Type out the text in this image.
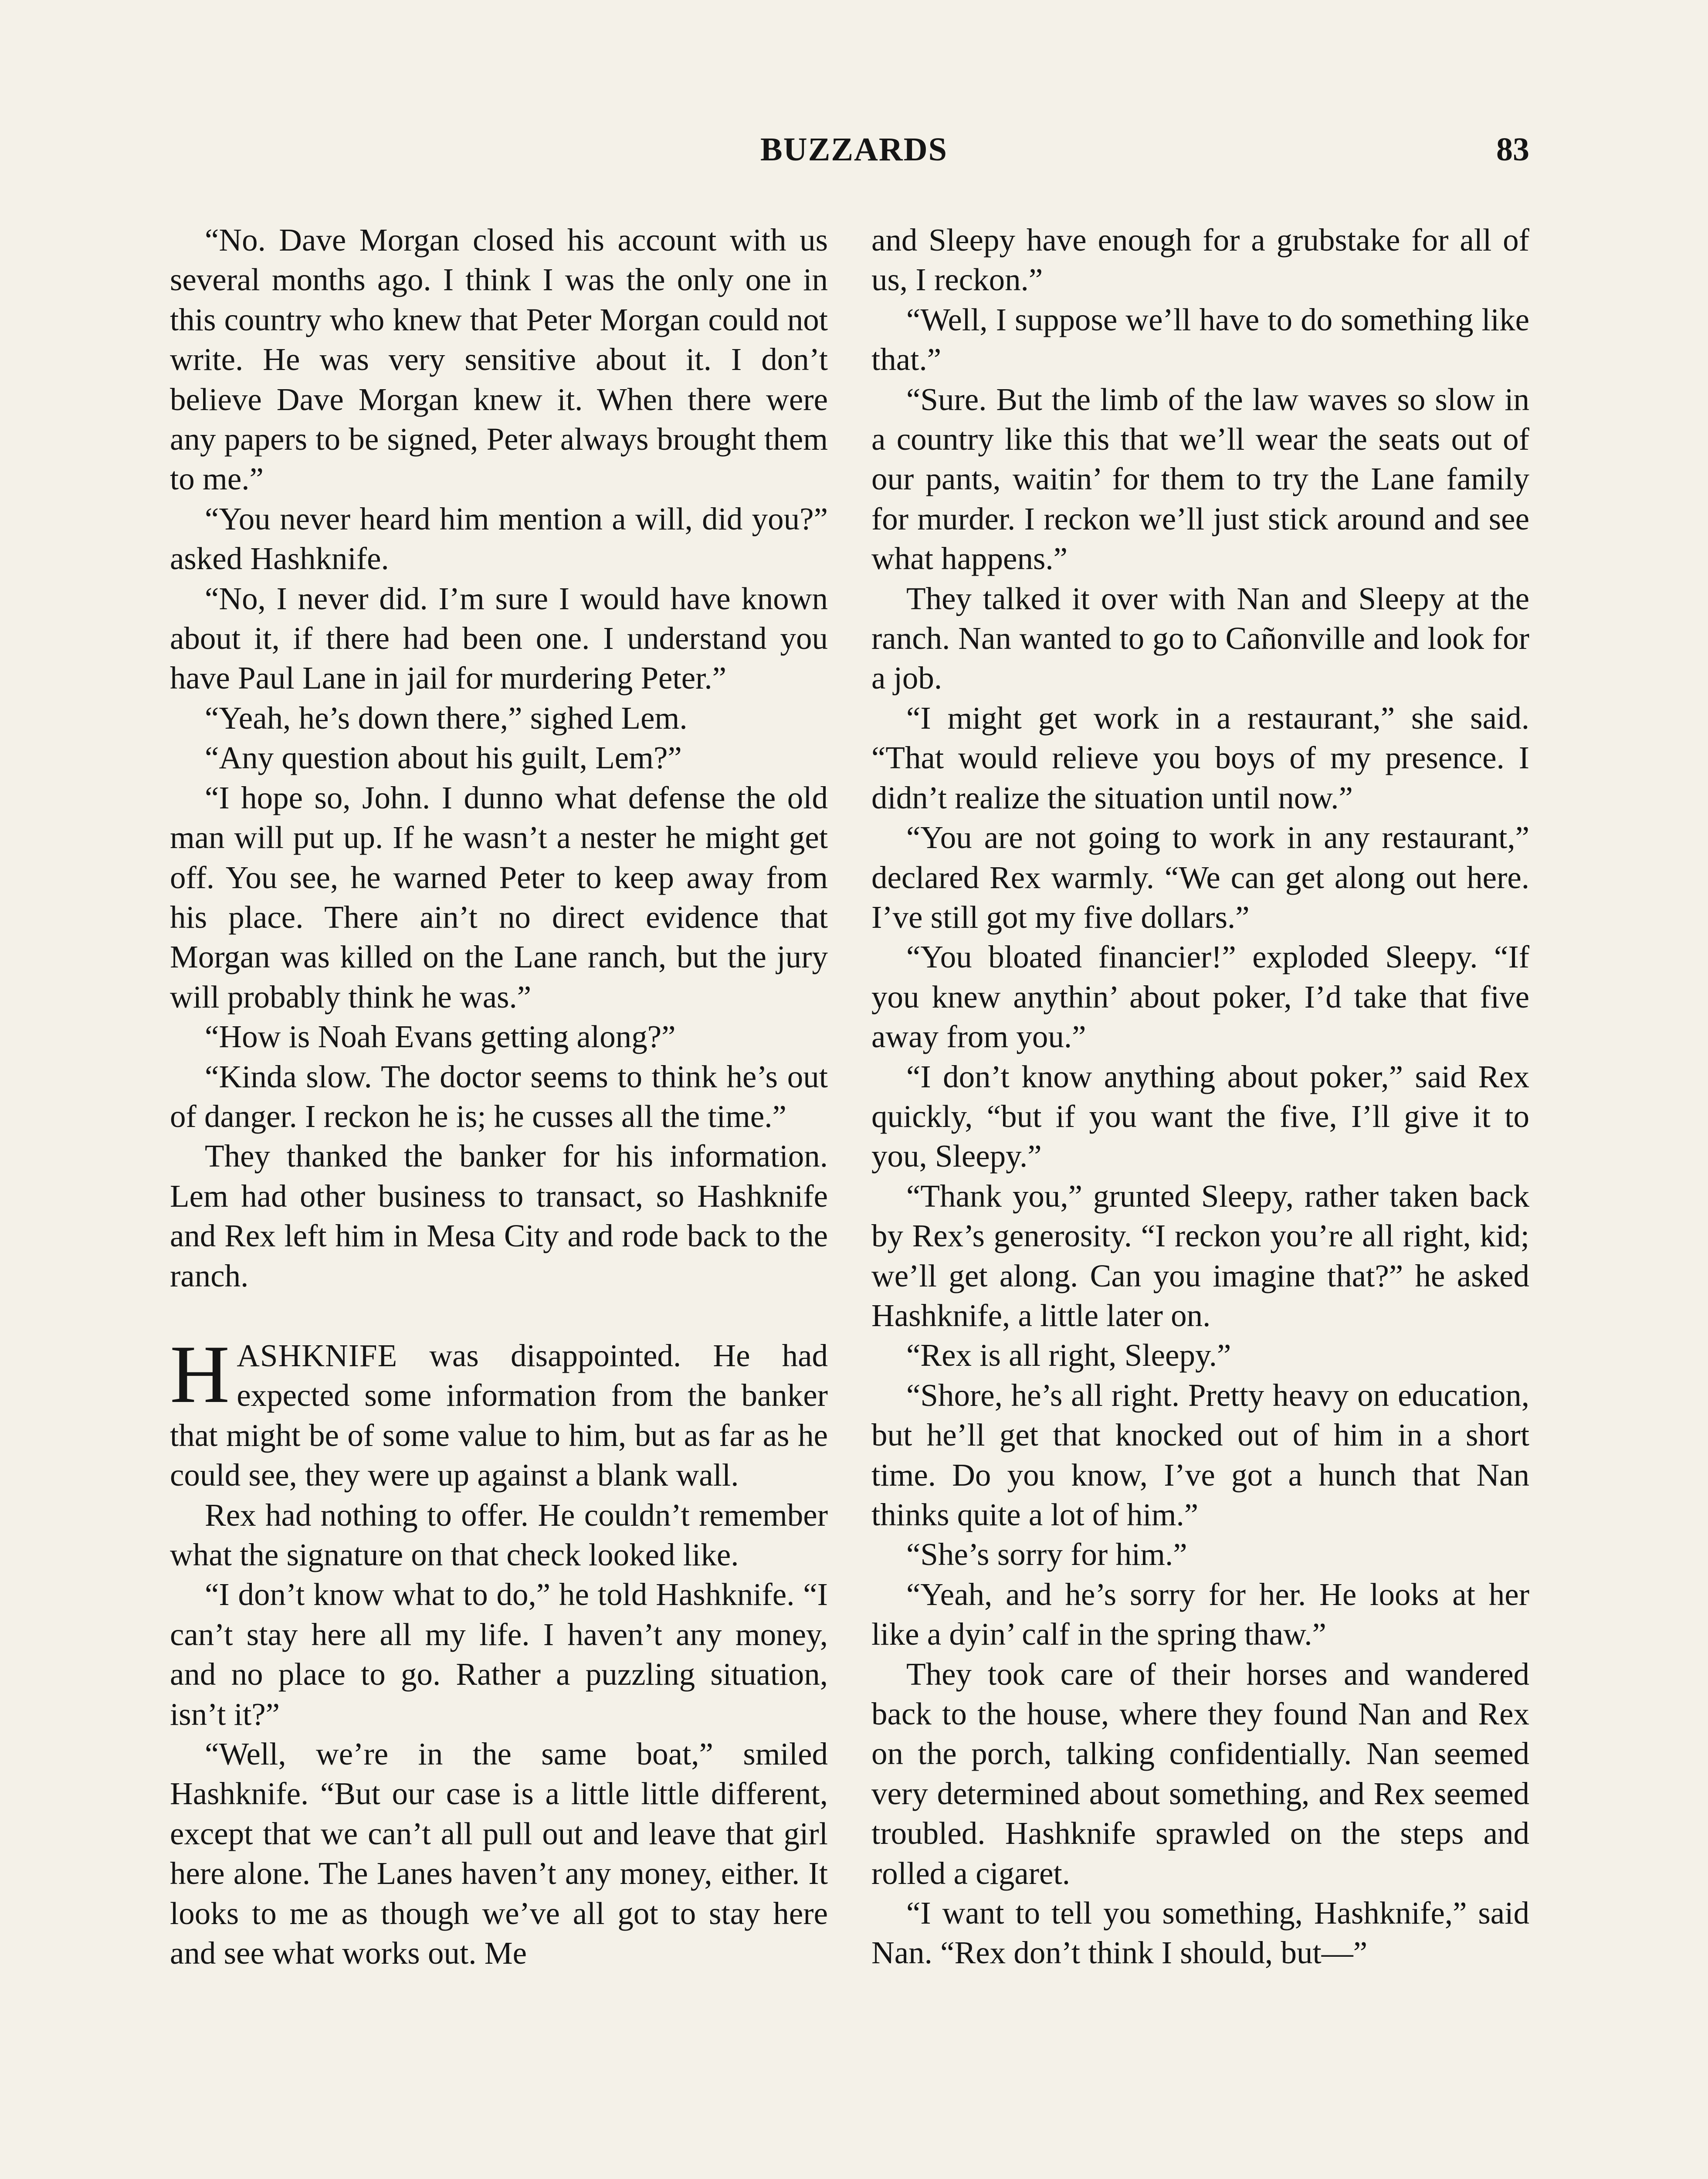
BUZZARDS	83

“No. Dave Morgan closed his account with us several months ago. I think I was the only one in this country who knew that Peter Morgan could not write. He was very sensitive about it. I don’t believe Dave Morgan knew it. When there were any papers to be signed, Peter always brought them to me.”

“You never heard him mention a will, did you?” asked Hashknife.

“No, I never did. I’m sure I would have known about it, if there had been one. I understand you have Paul Lane in jail for murdering Peter.”

“Yeah, he’s down there,” sighed Lem.

“Any question about his guilt, Lem?”

“I hope so, John. I dunno what defense the old man will put up. If he wasn’t a nester he might get off. You see, he warned Peter to keep away from his place. There ain’t no direct evidence that Morgan was killed on the Lane ranch, but the jury will probably think he was.”

“How is Noah Evans getting along?”

“Kinda slow. The doctor seems to think he’s out of danger. I reckon he is; he cusses all the time.”

They thanked the banker for his information. Lem had other business to transact, so Hashknife and Rex left him in Mesa City and rode back to the ranch.

HASHKNIFE was disappointed. He had expected some information from the banker that might be of some value to him, but as far as he could see, they were up against a blank wall.

Rex had nothing to offer. He couldn’t remember what the signature on that check looked like.

“I don’t know what to do,” he told Hashknife. “I can’t stay here all my life. I haven’t any money, and no place to go. Rather a puzzling situation, isn’t it?”

“Well, we’re in the same boat,” smiled Hashknife. “But our case is a little little different, except that we can’t all pull out and leave that girl here alone. The Lanes haven’t any money, either. It looks to me as though we’ve all got to stay here and see what works out. Me

and Sleepy have enough for a grubstake for all of us, I reckon.”

“Well, I suppose we’ll have to do something like that.”

“Sure. But the limb of the law waves so slow in a country like this that we’ll wear the seats out of our pants, waitin’ for them to try the Lane family for murder. I reckon we’ll just stick around and see what happens.”

They talked it over with Nan and Sleepy at the ranch. Nan wanted to go to Cañonville and look for a job.

“I might get work in a restaurant,” she said. “That would relieve you boys of my presence. I didn’t realize the situation until now.”

“You are not going to work in any restaurant,” declared Rex warmly. “We can get along out here. I’ve still got my five dollars.”

“You bloated financier!” exploded Sleepy. “If you knew anythin’ about poker, I’d take that five away from you.”

“I don’t know anything about poker,” said Rex quickly, “but if you want the five, I’ll give it to you, Sleepy.”

“Thank you,” grunted Sleepy, rather taken back by Rex’s generosity. “I reckon you’re all right, kid; we’ll get along. Can you imagine that?” he asked Hashknife, a little later on.

“Rex is all right, Sleepy.”

“Shore, he’s all right. Pretty heavy on education, but he’ll get that knocked out of him in a short time. Do you know, I’ve got a hunch that Nan thinks quite a lot of him.”

“She’s sorry for him.”

“Yeah, and he’s sorry for her. He looks at her like a dyin’ calf in the spring thaw.”

They took care of their horses and wandered back to the house, where they found Nan and Rex on the porch, talking confidentially. Nan seemed very determined about something, and Rex seemed troubled. Hashknife sprawled on the steps and rolled a cigaret.

“I want to tell you something, Hashknife,” said Nan. “Rex don’t think I should, but—”
